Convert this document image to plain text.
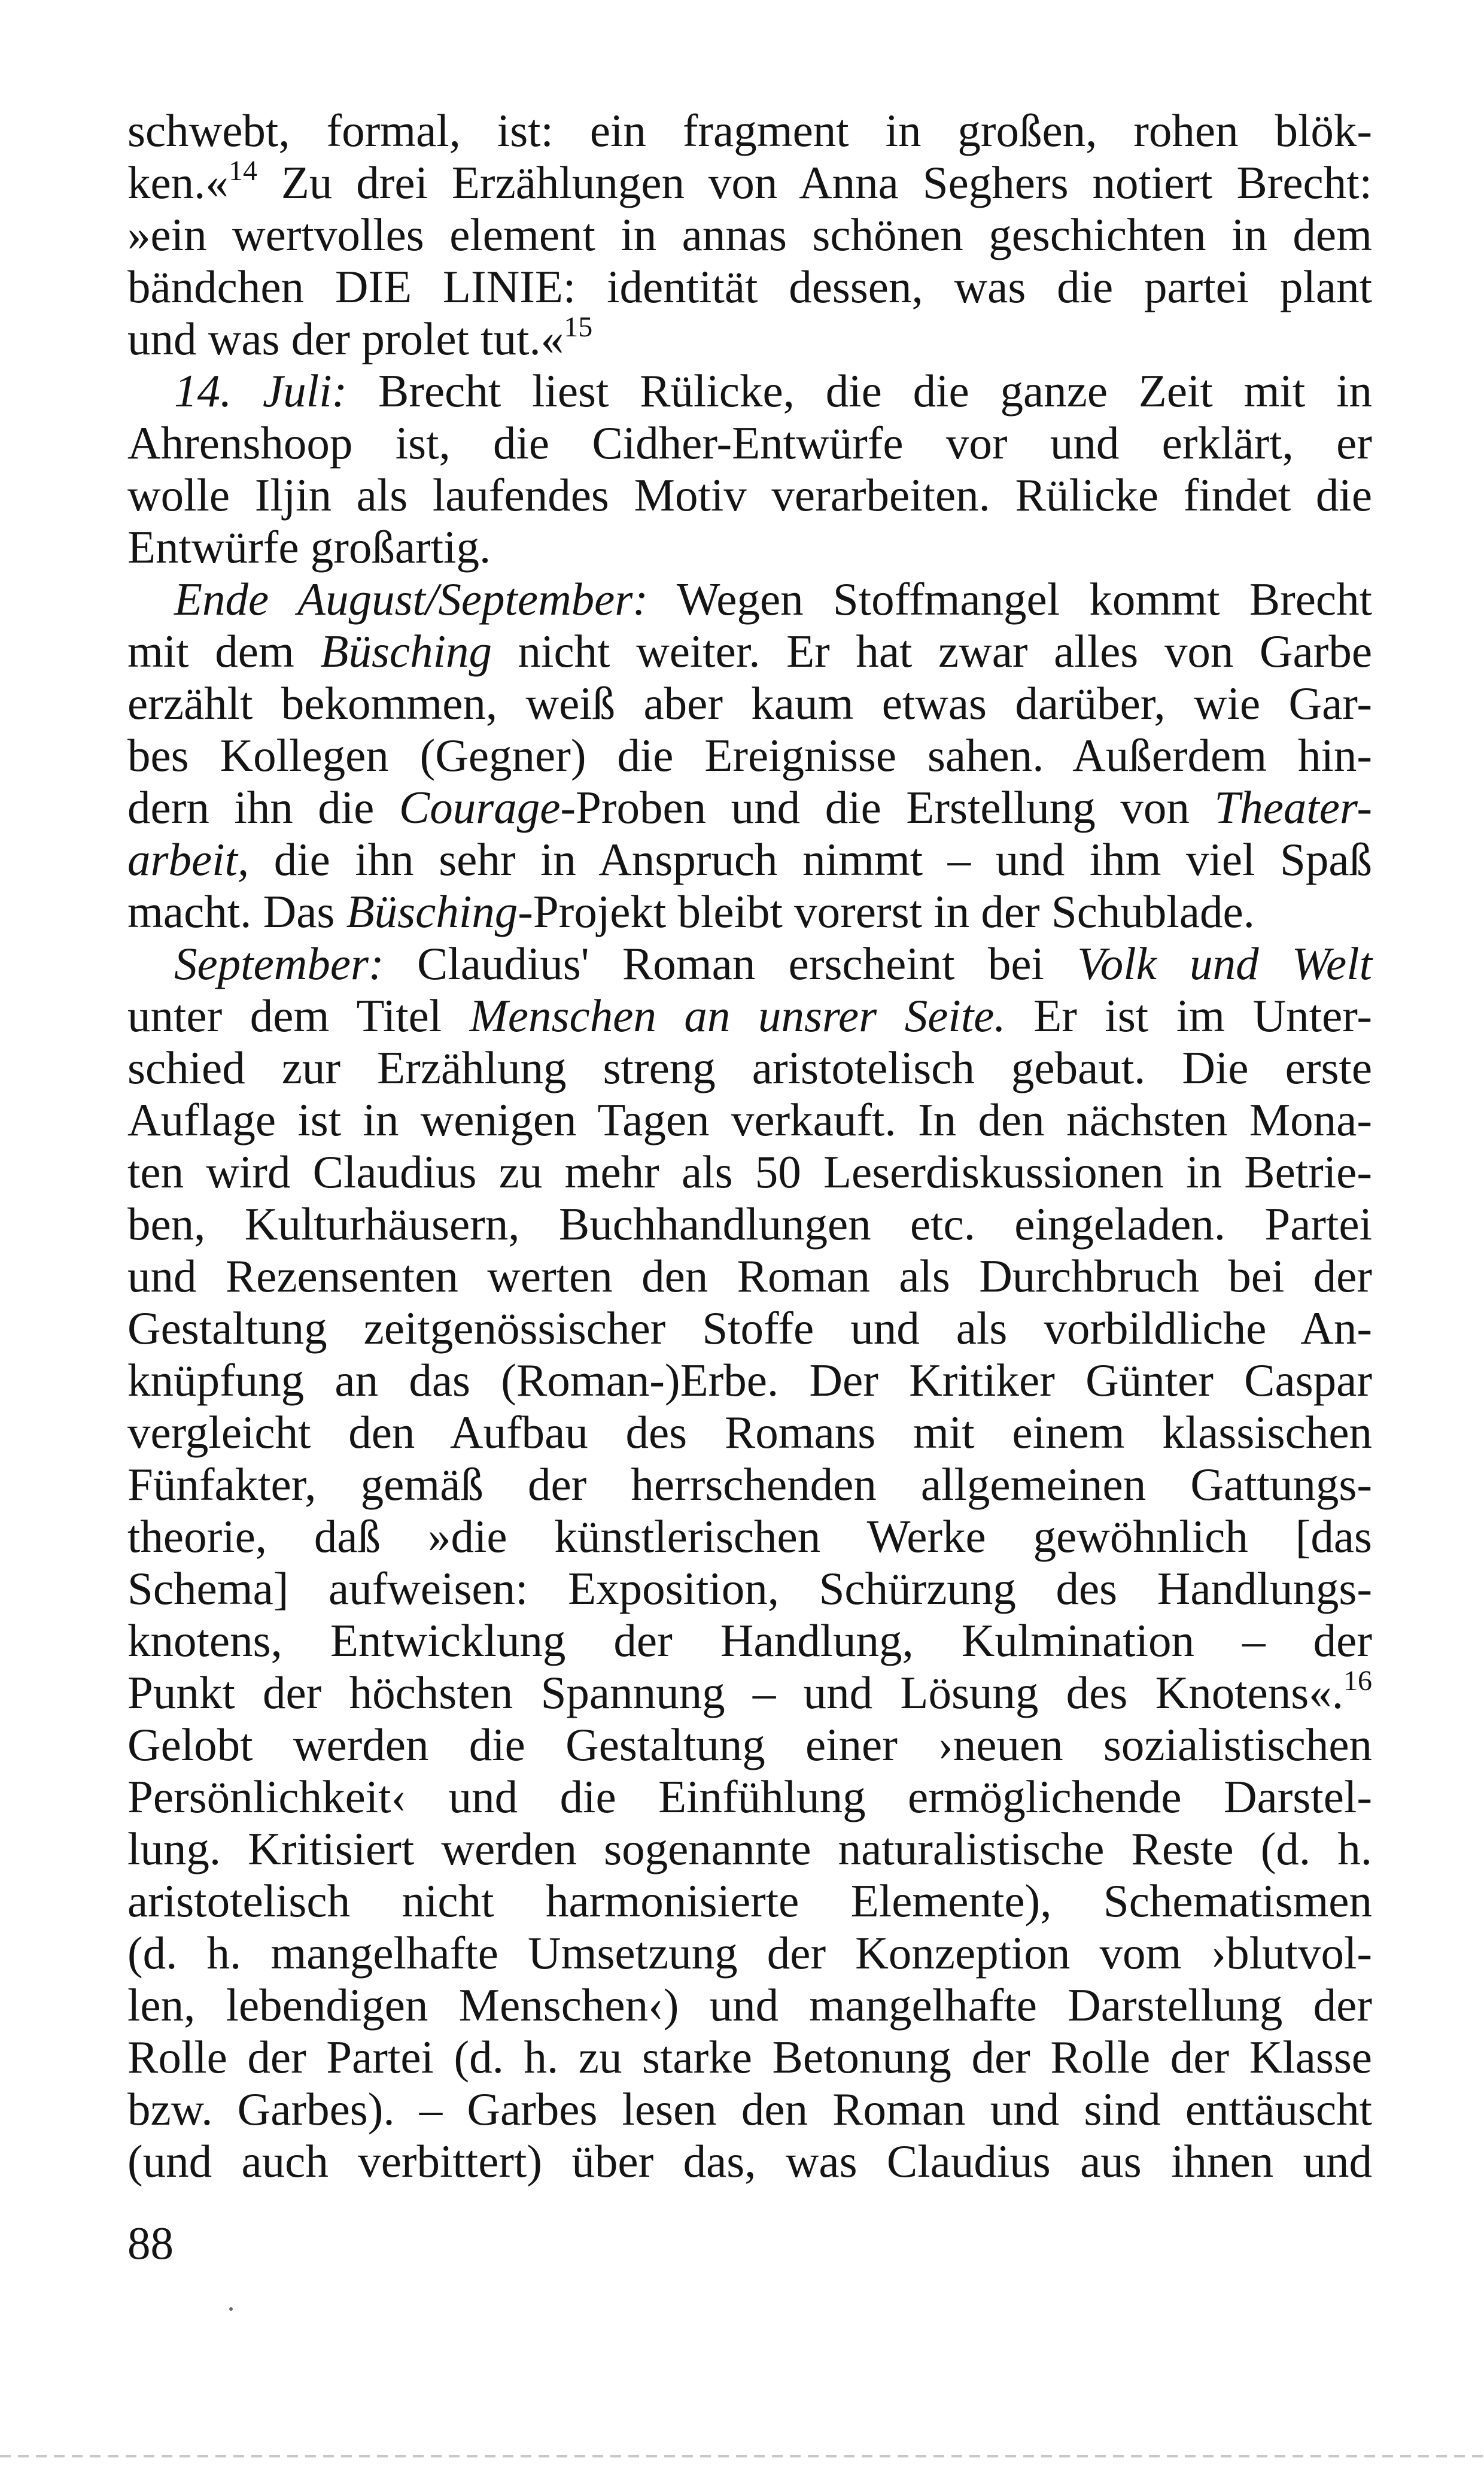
schwebt, formal, ist: ein fragment in großen, rohen blök-
ken.«$^{14}$ Zu drei Erzählungen von Anna Seghers notiert Brecht:
»ein wertvolles element in annas schönen geschichten in dem
bändchen DIE LINIE: identität dessen, was die partei plant
und was der prolet tut.«$^{15}$
14. Juli: Brecht liest Rülicke, die die ganze Zeit mit in
Ahrenshoop ist, die Cidher-Entwürfe vor und erklärt, er
wolle Iljin als laufendes Motiv verarbeiten. Rülicke findet die
Entwürfe großartig.
Ende August/September: Wegen Stoffmangel kommt Brecht
mit dem Büsching nicht weiter. Er hat zwar alles von Garbe
erzählt bekommen, weiß aber kaum etwas darüber, wie Gar-
bes Kollegen (Gegner) die Ereignisse sahen. Außerdem hin-
dern ihn die Courage-Proben und die Erstellung von Theater-
arbeit, die ihn sehr in Anspruch nimmt – und ihm viel Spaß
macht. Das Büsching-Projekt bleibt vorerst in der Schublade.
September: Claudius' Roman erscheint bei Volk und Welt
unter dem Titel Menschen an unsrer Seite. Er ist im Unter-
schied zur Erzählung streng aristotelisch gebaut. Die erste
Auflage ist in wenigen Tagen verkauft. In den nächsten Mona-
ten wird Claudius zu mehr als 50 Leserdiskussionen in Betrie-
ben, Kulturhäusern, Buchhandlungen etc. eingeladen. Partei
und Rezensenten werten den Roman als Durchbruch bei der
Gestaltung zeitgenössischer Stoffe und als vorbildliche An-
knüpfung an das (Roman-)Erbe. Der Kritiker Günter Caspar
vergleicht den Aufbau des Romans mit einem klassischen
Fünfakter, gemäß der herrschenden allgemeinen Gattungs-
theorie, daß »die künstlerischen Werke gewöhnlich [das
Schema] aufweisen: Exposition, Schürzung des Handlungs-
knotens, Entwicklung der Handlung, Kulmination – der
Punkt der höchsten Spannung – und Lösung des Knotens«.$^{16}$
Gelobt werden die Gestaltung einer ›neuen sozialistischen
Persönlichkeit‹ und die Einfühlung ermöglichende Darstel-
lung. Kritisiert werden sogenannte naturalistische Reste (d. h.
aristotelisch nicht harmonisierte Elemente), Schematismen
(d. h. mangelhafte Umsetzung der Konzeption vom ›blutvol-
len, lebendigen Menschen‹) und mangelhafte Darstellung der
Rolle der Partei (d. h. zu starke Betonung der Rolle der Klasse
bzw. Garbes). – Garbes lesen den Roman und sind enttäuscht
(und auch verbittert) über das, was Claudius aus ihnen und
88
